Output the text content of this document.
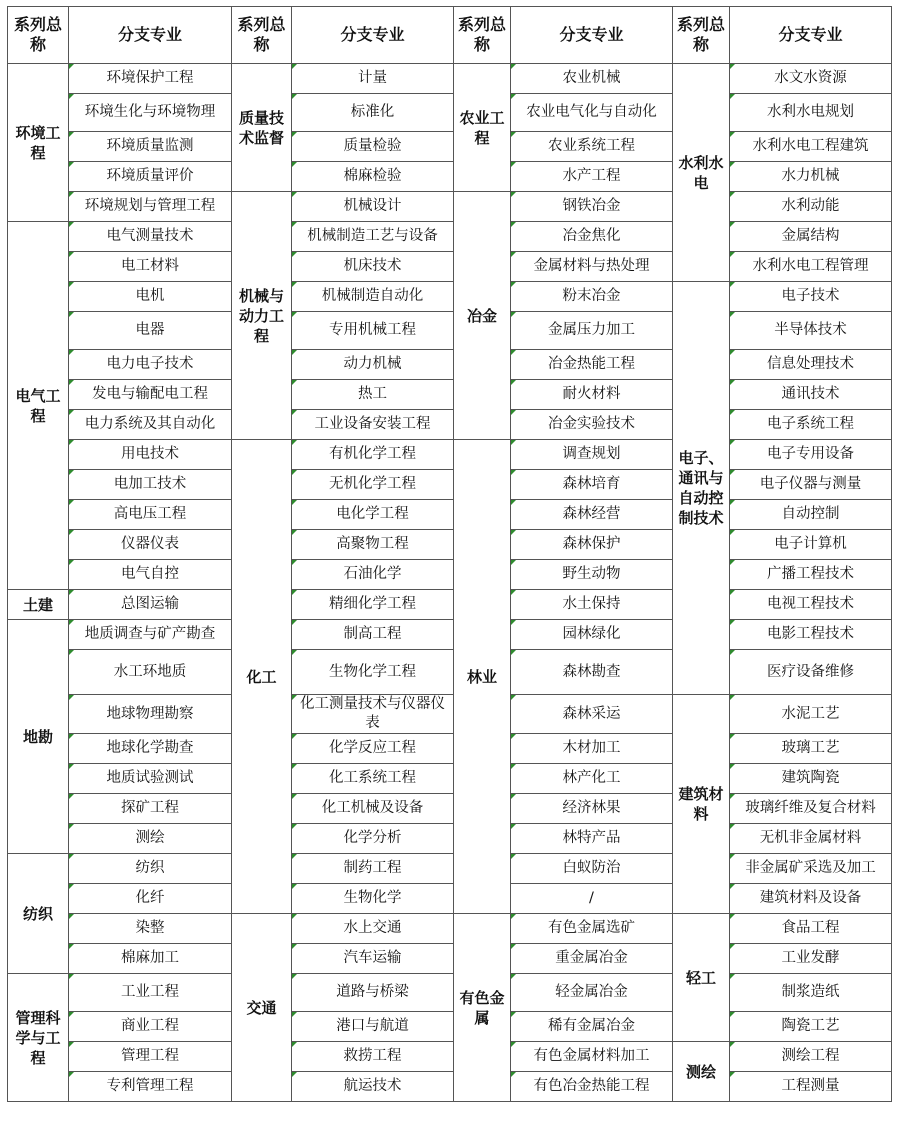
系列总称	分支专业	系列总称	分支专业	系列总称	分支专业	系列总称	分支专业
环境工程	环境保护工程	质量技术监督	计量	农业工程	农业机械	水利水电	水文水资源
	环境生化与环境物理		标准化		农业电气化与自动化		水利水电规划
	环境质量监测		质量检验		农业系统工程		水利水电工程建筑
	环境质量评价		棉麻检验		水产工程		水力机械
	环境规划与管理工程	机械与动力工程	机械设计	冶金	钢铁冶金		水利动能
电气工程	电气测量技术		机械制造工艺与设备		冶金焦化		金属结构
	电工材料		机床技术		金属材料与热处理		水利水电工程管理
	电机		机械制造自动化		粉末冶金	电子、通讯与自动控制技术	电子技术
	电器		专用机械工程		金属压力加工		半导体技术
	电力电子技术		动力机械		冶金热能工程		信息处理技术
	发电与输配电工程		热工		耐火材料		通讯技术
	电力系统及其自动化		工业设备安装工程		冶金实验技术		电子系统工程
	用电技术	化工	有机化学工程	林业	调查规划		电子专用设备
	电加工技术		无机化学工程		森林培育		电子仪器与测量
	高电压工程		电化学工程		森林经营		自动控制
	仪器仪表		高聚物工程		森林保护		电子计算机
	电气自控		石油化学		野生动物		广播工程技术
土建	总图运输		精细化学工程		水土保持		电视工程技术
地勘	地质调查与矿产勘查		制高工程		园林绿化		电影工程技术
	水工环地质		生物化学工程		森林勘查		医疗设备维修
	地球物理勘察		化工测量技术与仪器仪表		森林采运	建筑材料	水泥工艺
	地球化学勘查		化学反应工程		木材加工		玻璃工艺
	地质试验测试		化工系统工程		林产化工		建筑陶瓷
	探矿工程		化工机械及设备		经济林果		玻璃纤维及复合材料
	测绘		化学分析		林特产品		无机非金属材料
纺织	纺织		制药工程		白蚁防治		非金属矿采选及加工
	化纤		生物化学		/		建筑材料及设备
	染整	交通	水上交通	有色金属	有色金属选矿	轻工	食品工程
	棉麻加工		汽车运输		重金属冶金		工业发酵
管理科学与工程	工业工程		道路与桥梁		轻金属冶金		制浆造纸
	商业工程		港口与航道		稀有金属冶金		陶瓷工艺
	管理工程		救捞工程		有色金属材料加工	测绘	测绘工程
	专利管理工程		航运技术		有色冶金热能工程		工程测量
